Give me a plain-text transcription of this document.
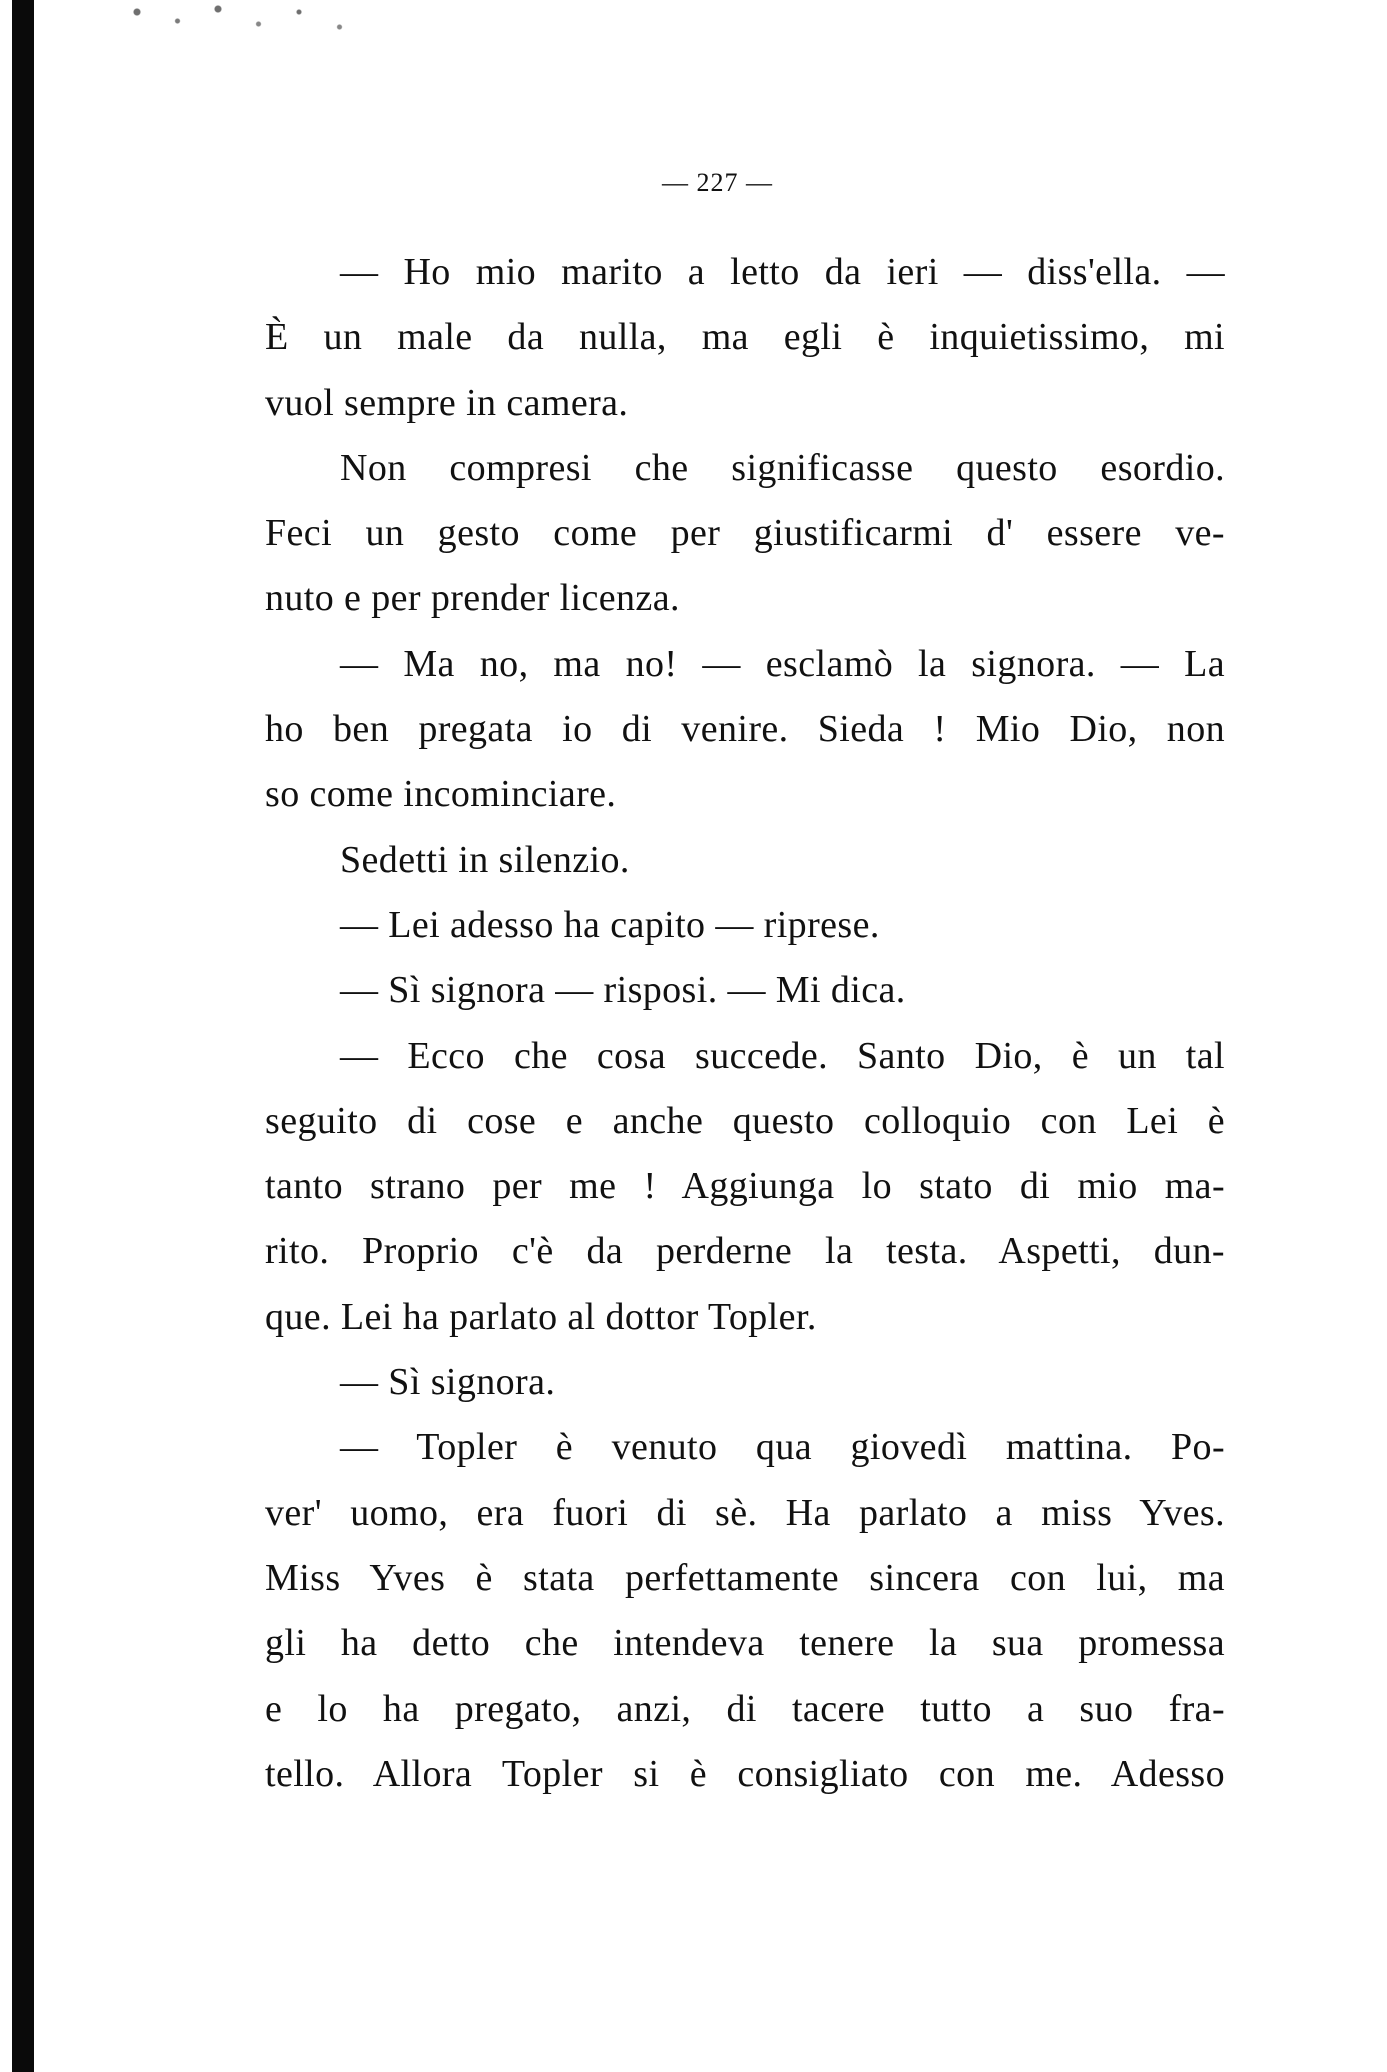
— 227 —
— Ho mio marito a letto da ieri — diss'ella. —
È un male da nulla, ma egli è inquietissimo, mi
vuol sempre in camera.
Non compresi che significasse questo esordio.
Feci un gesto come per giustificarmi d' essere ve-
nuto e per prender licenza.
— Ma no, ma no! — esclamò la signora. — La
ho ben pregata io di venire. Sieda ! Mio Dio, non
so come incominciare.
Sedetti in silenzio.
— Lei adesso ha capito — riprese.
— Sì signora — risposi. — Mi dica.
— Ecco che cosa succede. Santo Dio, è un tal
seguito di cose e anche questo colloquio con Lei è
tanto strano per me ! Aggiunga lo stato di mio ma-
rito. Proprio c'è da perderne la testa. Aspetti, dun-
que. Lei ha parlato al dottor Topler.
— Sì signora.
— Topler è venuto qua giovedì mattina. Po-
ver' uomo, era fuori di sè. Ha parlato a miss Yves.
Miss Yves è stata perfettamente sincera con lui, ma
gli ha detto che intendeva tenere la sua promessa
e lo ha pregato, anzi, di tacere tutto a suo fra-
tello. Allora Topler si è consigliato con me. Adesso
